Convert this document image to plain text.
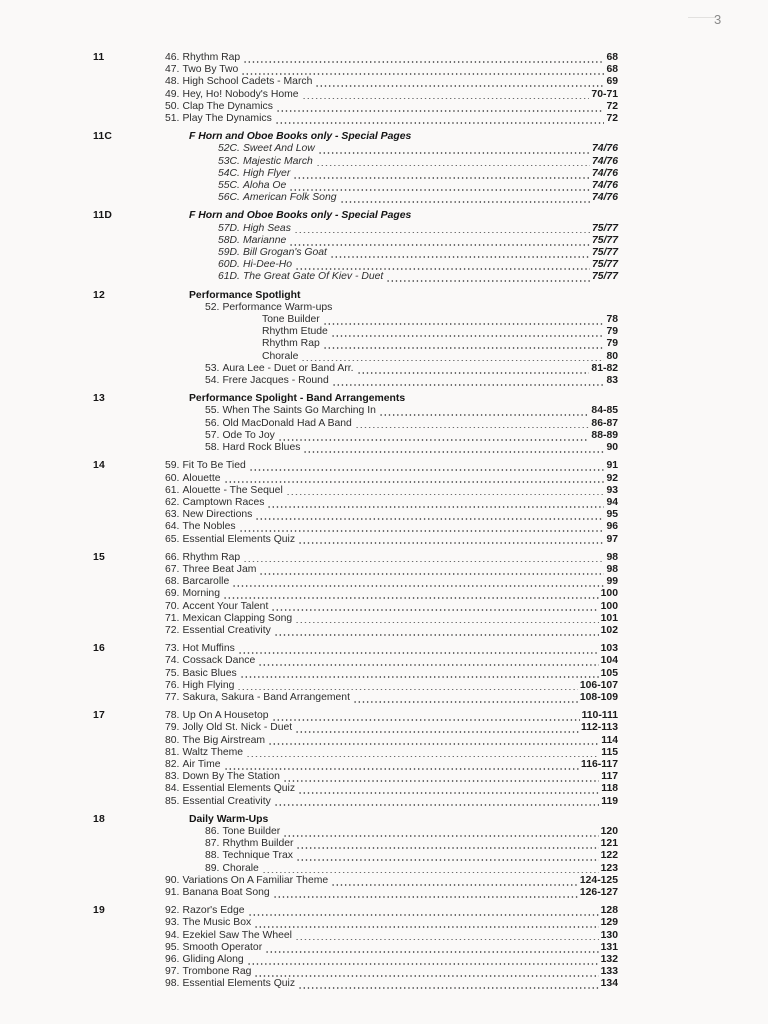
3
11	46. Rhythm Rap	68
47. Two By Two	68
48. High School Cadets - March	69
49. Hey, Ho! Nobody's Home	70-71
50. Clap The Dynamics	72
51. Play The Dynamics	72
11C	F Horn and Oboe Books only - Special Pages
52C. Sweet And Low	74/76
53C. Majestic March	74/76
54C. High Flyer	74/76
55C. Aloha Oe	74/76
56C. American Folk Song	74/76
11D	F Horn and Oboe Books only - Special Pages
57D. High Seas	75/77
58D. Marianne	75/77
59D. Bill Grogan's Goat	75/77
60D. Hi-Dee-Ho	75/77
61D. The Great Gate Of Kiev - Duet	75/77
12	Performance Spotlight
52. Performance Warm-ups
Tone Builder	78
Rhythm Etude	79
Rhythm Rap	79
Chorale	80
53. Aura Lee - Duet or Band Arr.	81-82
54. Frere Jacques - Round	83
13	Performance Spolight - Band Arrangements
55. When The Saints Go Marching In	84-85
56. Old MacDonald Had A Band	86-87
57. Ode To Joy	88-89
58. Hard Rock Blues	90
14	59. Fit To Be Tied	91
60. Alouette	92
61. Alouette - The Sequel	93
62. Camptown Races	94
63. New Directions	95
64. The Nobles	96
65. Essential Elements Quiz	97
15	66. Rhythm Rap	98
67. Three Beat Jam	98
68. Barcarolle	99
69. Morning	100
70. Accent Your Talent	100
71. Mexican Clapping Song	101
72. Essential Creativity	102
16	73. Hot Muffins	103
74. Cossack Dance	104
75. Basic Blues	105
76. High Flying	106-107
77. Sakura, Sakura - Band Arrangement	108-109
17	78. Up On A Housetop	110-111
79. Jolly Old St. Nick - Duet	112-113
80. The Big Airstream	114
81. Waltz Theme	115
82. Air Time	116-117
83. Down By The Station	117
84. Essential Elements Quiz	118
85. Essential Creativity	119
18	Daily Warm-Ups
86. Tone Builder	120
87. Rhythm Builder	121
88. Technique Trax	122
89. Chorale	123
90. Variations On A Familiar Theme	124-125
91. Banana Boat Song	126-127
19	92. Razor's Edge	128
93. The Music Box	129
94. Ezekiel Saw The Wheel	130
95. Smooth Operator	131
96. Gliding Along	132
97. Trombone Rag	133
98. Essential Elements Quiz	134
